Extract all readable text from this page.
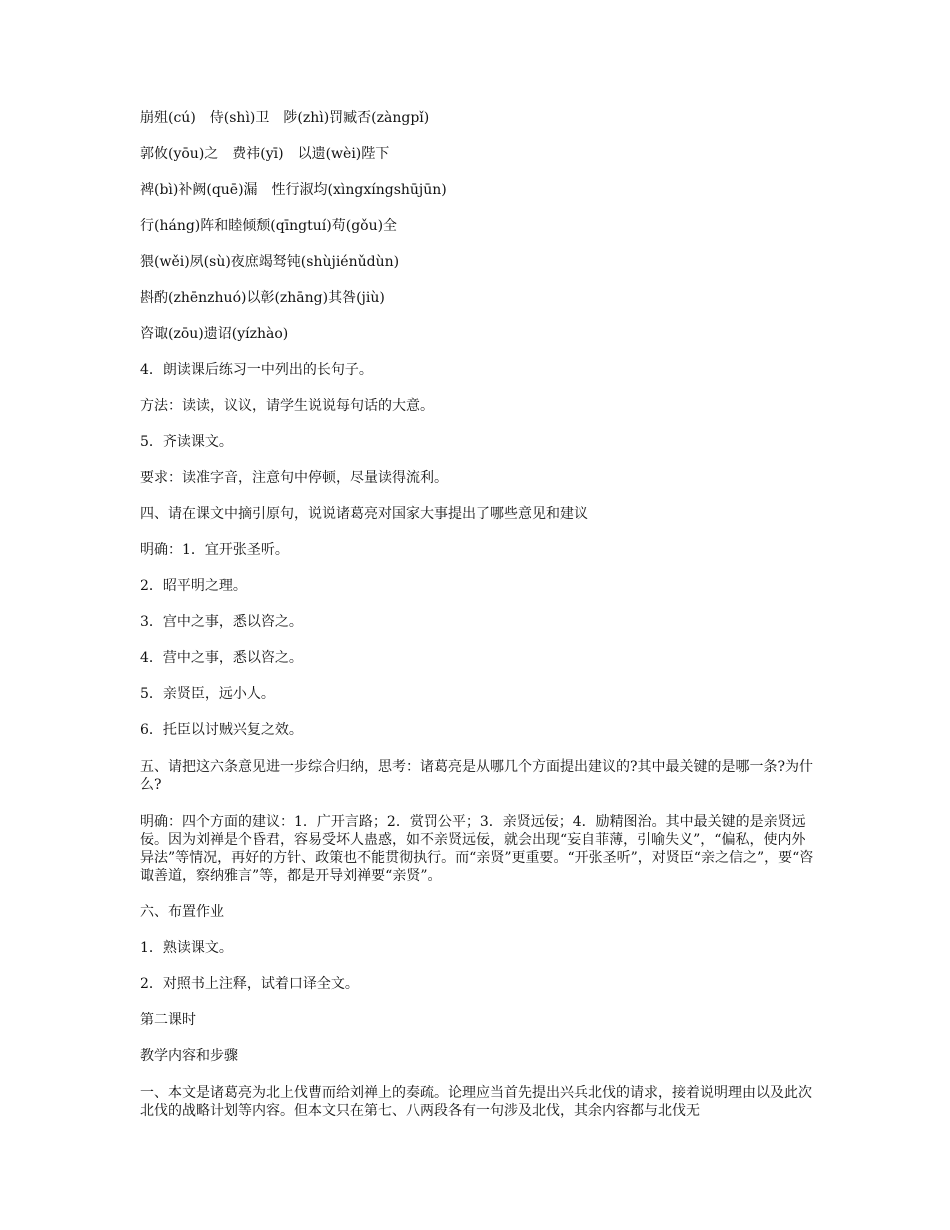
崩殂(cú)　侍(shì)卫　陟(zhì)罚臧否(zàngpǐ)

郭攸(yōu)之　费祎(yī)　以遗(wèi)陛下

裨(bì)补阙(quē)漏　性行淑均(xìngxíngshūjūn)

行(háng)阵和睦倾颓(qīngtuí)苟(gǒu)全

猥(wěi)夙(sù)夜庶竭驽钝(shùjiénǔdùn)

斟酌(zhēnzhuó)以彰(zhāng)其咎(jiù)

咨诹(zōu)遗诏(yízhào)

4．朗读课后练习一中列出的长句子。

方法：读读，议议，请学生说说每句话的大意。

5．齐读课文。

要求：读准字音，注意句中停顿，尽量读得流利。

四、请在课文中摘引原句，说说诸葛亮对国家大事提出了哪些意见和建议

明确：1．宜开张圣听。

2．昭平明之理。

3．宫中之事，悉以咨之。

4．营中之事，悉以咨之。

5．亲贤臣，远小人。

6．托臣以讨贼兴复之效。

五、请把这六条意见进一步综合归纳，思考：诸葛亮是从哪几个方面提出建议的?其中最关键的是哪一条?为什么?

明确：四个方面的建议：1．广开言路；2．赏罚公平；3．亲贤远佞；4．励精图治。其中最关键的是亲贤远佞。因为刘禅是个昏君，容易受坏人蛊惑，如不亲贤远佞，就会出现“妄自菲薄，引喻失义”，“偏私，使内外异法”等情况，再好的方针、政策也不能贯彻执行。而“亲贤”更重要。“开张圣听”，对贤臣“亲之信之”，要“咨诹善道，察纳雅言”等，都是开导刘禅要“亲贤”。

六、布置作业

1．熟读课文。

2．对照书上注释，试着口译全文。

第二课时

教学内容和步骤

一、本文是诸葛亮为北上伐曹而给刘禅上的奏疏。论理应当首先提出兴兵北伐的请求，接着说明理由以及此次北伐的战略计划等内容。但本文只在第七、八两段各有一句涉及北伐，其余内容都与北伐无
